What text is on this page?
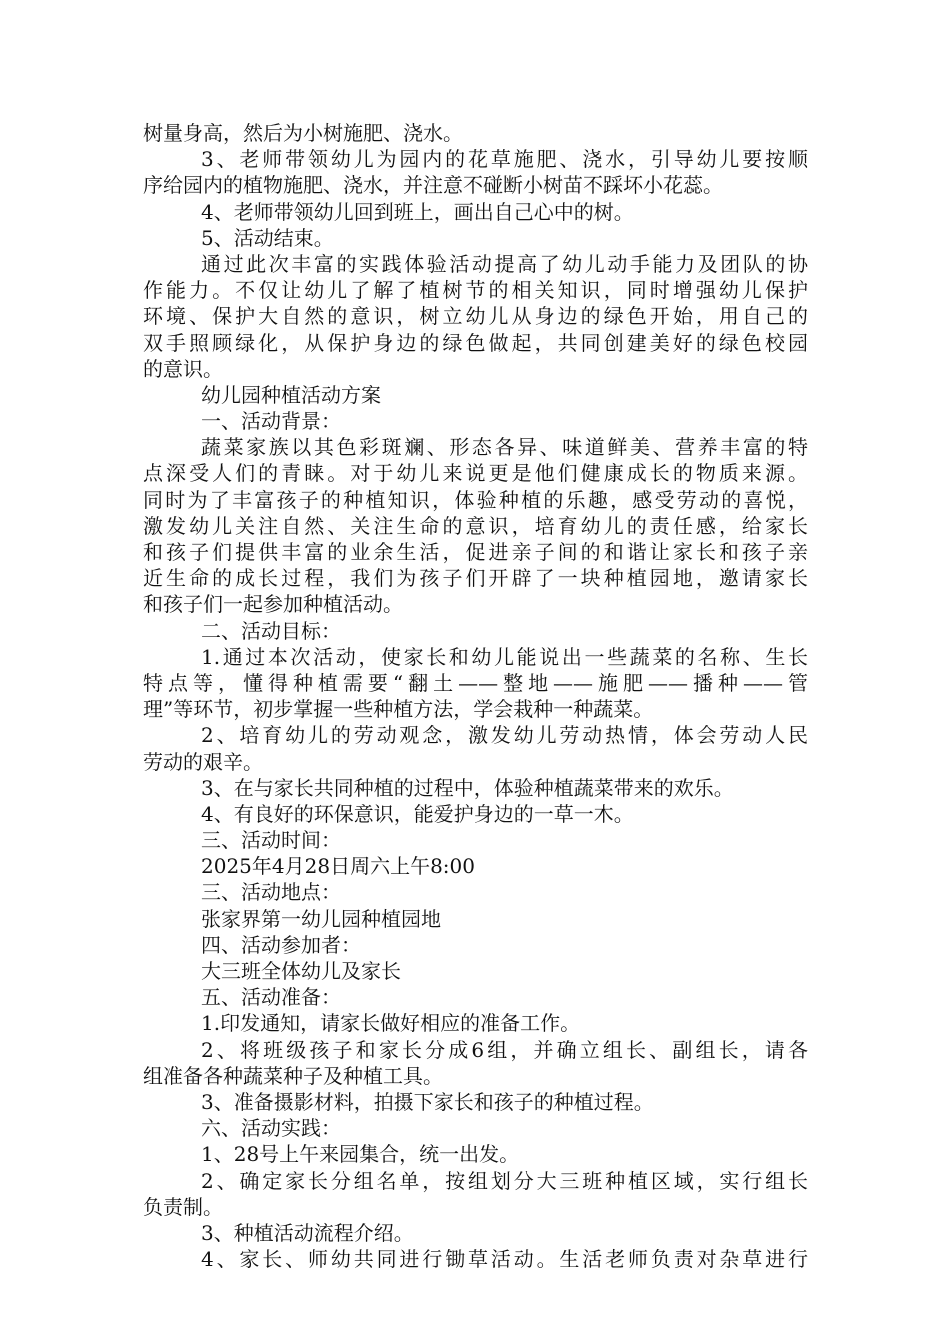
树量身高，然后为小树施肥、浇水。
3、老师带领幼儿为园内的花草施肥、浇水，引导幼儿要按顺
序给园内的植物施肥、浇水，并注意不碰断小树苗不踩坏小花蕊。
4、老师带领幼儿回到班上，画出自己心中的树。
5、活动结束。
通过此次丰富的实践体验活动提高了幼儿动手能力及团队的协
作能力。不仅让幼儿了解了植树节的相关知识，同时增强幼儿保护
环境、保护大自然的意识，树立幼儿从身边的绿色开始，用自己的
双手照顾绿化，从保护身边的绿色做起，共同创建美好的绿色校园
的意识。
幼儿园种植活动方案
一、活动背景：
蔬菜家族以其色彩斑斓、形态各异、味道鲜美、营养丰富的特
点深受人们的青睐。对于幼儿来说更是他们健康成长的物质来源。
同时为了丰富孩子的种植知识，体验种植的乐趣，感受劳动的喜悦，
激发幼儿关注自然、关注生命的意识，培育幼儿的责任感，给家长
和孩子们提供丰富的业余生活，促进亲子间的和谐让家长和孩子亲
近生命的成长过程，我们为孩子们开辟了一块种植园地，邀请家长
和孩子们一起参加种植活动。
二、活动目标：
1.通过本次活动，使家长和幼儿能说出一些蔬菜的名称、生长
特点等，懂得种植需要“翻土——整地——施肥——播种——管
理”等环节，初步掌握一些种植方法，学会栽种一种蔬菜。
2、培育幼儿的劳动观念，激发幼儿劳动热情，体会劳动人民
劳动的艰辛。
3、在与家长共同种植的过程中，体验种植蔬菜带来的欢乐。
4、有良好的环保意识，能爱护身边的一草一木。
三、活动时间：
2025年4月28日周六上午8:00
三、活动地点：
张家界第一幼儿园种植园地
四、活动参加者：
大三班全体幼儿及家长
五、活动准备：
1.印发通知，请家长做好相应的准备工作。
2、将班级孩子和家长分成6组，并确立组长、副组长，请各
组准备各种蔬菜种子及种植工具。
3、准备摄影材料，拍摄下家长和孩子的种植过程。
六、活动实践：
1、28号上午来园集合，统一出发。
2、确定家长分组名单，按组划分大三班种植区域，实行组长
负责制。
3、种植活动流程介绍。
4、家长、师幼共同进行锄草活动。生活老师负责对杂草进行
